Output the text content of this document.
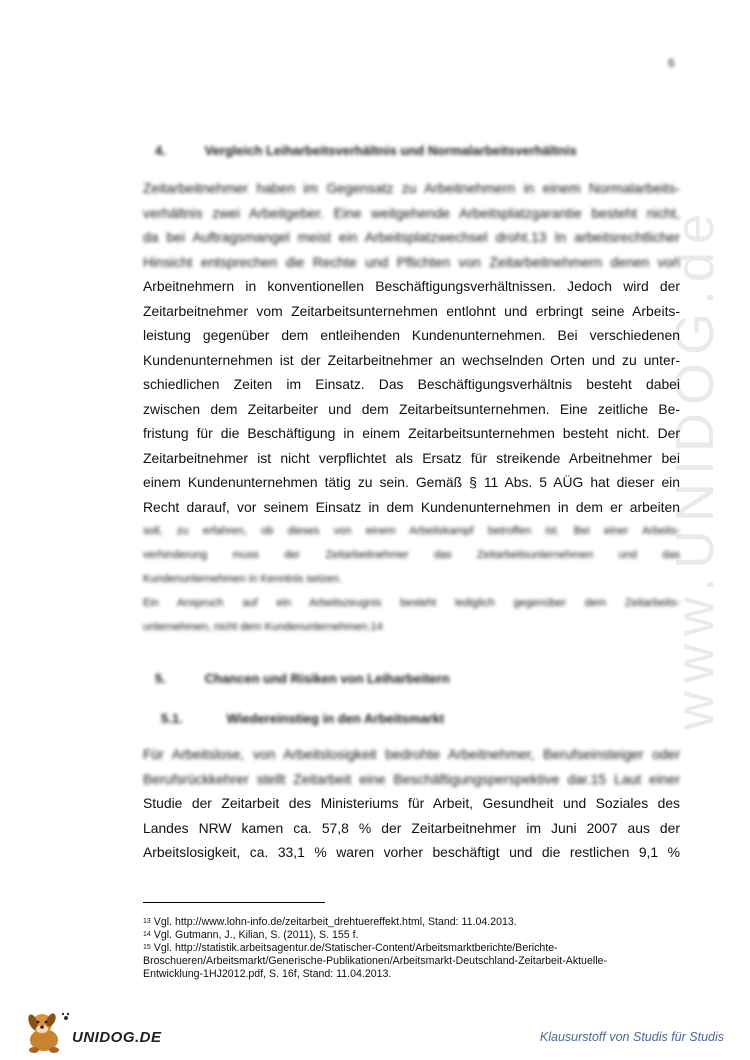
www.UNIDOG.de
6
4.	Vergleich Leiharbeitsverhältnis und Normalarbeitsverhältnis
Zeitarbeitnehmer haben im Gegensatz zu Arbeitnehmern in einem Normalarbeits-
verhältnis zwei Arbeitgeber. Eine weitgehende Arbeitsplatzgarantie besteht nicht,
da bei Auftragsmangel meist ein Arbeitsplatzwechsel droht.13 In arbeitsrechtlicher
Hinsicht entsprechen die Rechte und Pflichten von Zeitarbeitnehmern denen von
Arbeitnehmern in konventionellen Beschäftigungsverhältnissen. Jedoch wird der
Zeitarbeitnehmer vom Zeitarbeitsunternehmen entlohnt und erbringt seine Arbeits-
leistung gegenüber dem entleihenden Kundenunternehmen. Bei verschiedenen
Kundenunternehmen ist der Zeitarbeitnehmer an wechselnden Orten und zu unter-
schiedlichen Zeiten im Einsatz. Das Beschäftigungsverhältnis besteht dabei
zwischen dem Zeitarbeiter und dem Zeitarbeitsunternehmen. Eine zeitliche Be-
fristung für die Beschäftigung in einem Zeitarbeitsunternehmen besteht nicht. Der
Zeitarbeitnehmer ist nicht verpflichtet als Ersatz für streikende Arbeitnehmer bei
einem Kundenunternehmen tätig zu sein. Gemäß § 11 Abs. 5 AÜG hat dieser ein
Recht darauf, vor seinem Einsatz in dem Kundenunternehmen in dem er arbeiten
soll, zu erfahren, ob dieses von einem Arbeitskampf betroffen ist. Bei einer Arbeits-
verhinderung muss der Zeitarbeitnehmer das Zeitarbeitsunternehmen und das
Kundenunternehmen in Kenntnis setzen.
Ein Anspruch auf ein Arbeitszeugnis besteht lediglich gegenüber dem Zeitarbeits-
unternehmen, nicht dem Kundenunternehmen.14
5.	Chancen und Risiken von Leiharbeitern
5.1.	Wiedereinstieg in den Arbeitsmarkt
Für Arbeitslose, von Arbeitslosigkeit bedrohte Arbeitnehmer, Berufseinsteiger oder
Berufsrückkehrer stellt Zeitarbeit eine Beschäftigungsperspektive dar.15 Laut einer
Studie der Zeitarbeit des Ministeriums für Arbeit, Gesundheit und Soziales des
Landes NRW kamen ca. 57,8 % der Zeitarbeitnehmer im Juni 2007 aus der
Arbeitslosigkeit, ca. 33,1 % waren vorher beschäftigt und die restlichen 9,1 %
$^{13}$ Vgl. http://www.lohn-info.de/zeitarbeit_drehtuereffekt.html, Stand: 11.04.2013.
$^{14}$ Vgl. Gutmann, J., Kilian, S. (2011), S. 155 f.
$^{15}$ Vgl. http://statistik.arbeitsagentur.de/Statischer-Content/Arbeitsmarktberichte/Berichte-
Broschueren/Arbeitsmarkt/Generische-Publikationen/Arbeitsmarkt-Deutschland-Zeitarbeit-Aktuelle-
Entwicklung-1HJ2012.pdf, S. 16f, Stand: 11.04.2013.
UNIDOG.DE	Klausurstoff von Studis für Studis
